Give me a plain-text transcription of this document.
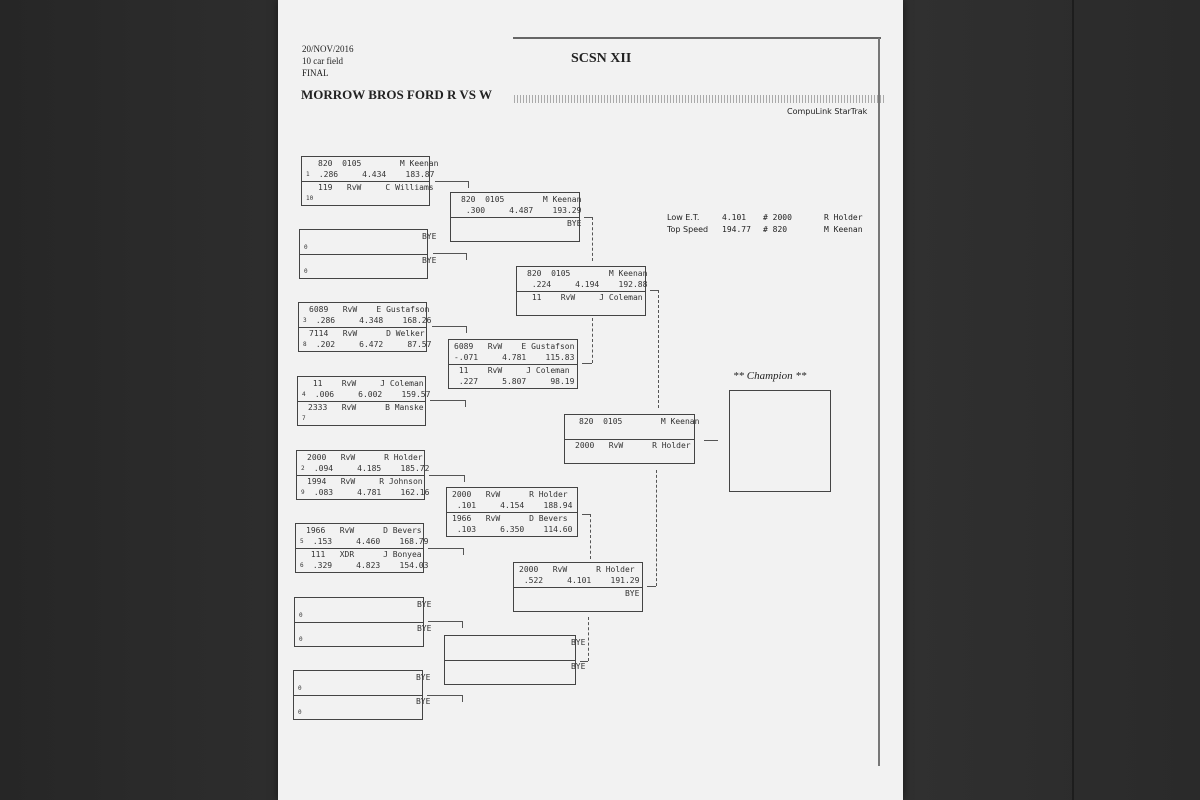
20/NOV/2016
10 car field
FINAL
SCSN XII
MORROW BROS FORD R VS W
CompuLink StarTrak
Low E.T.	4.101 # 2000	R Holder
Top Speed 194.77 # 820	M Keenan
820  0105        M Keenan
1 .286     4.434    183.87
119   RvW     C Williams
10
BYE
0
BYE
0
6089   RvW    E Gustafson
3 .286     4.348    168.26
7114   RvW      D Welker
8 .202     6.472     87.57
11    RvW     J Coleman
4 .006     6.002    159.57
2333   RvW      B Manske
7
2000   RvW      R Holder
2 .094     4.185    185.72
1994   RvW     R Johnson
9 .083     4.781    162.16
1966   RvW      D Bevers
5 .153     4.460    168.79
111   XDR      J Bonyea
6 .329     4.823    154.03
BYE
0
BYE
0
BYE
0
BYE
0
820  0105        M Keenan
.300     4.487    193.29
BYE
6089   RvW    E Gustafson
-.071     4.781    115.83
11    RvW     J Coleman
.227     5.807     98.19
2000   RvW      R Holder
.101     4.154    188.94
1966   RvW      D Bevers
.103     6.350    114.60
BYE
BYE
820  0105        M Keenan
.224     4.194    192.88
11    RvW     J Coleman
2000   RvW      R Holder
.522     4.101    191.29
BYE
820  0105        M Keenan
2000   RvW      R Holder
** Champion **
